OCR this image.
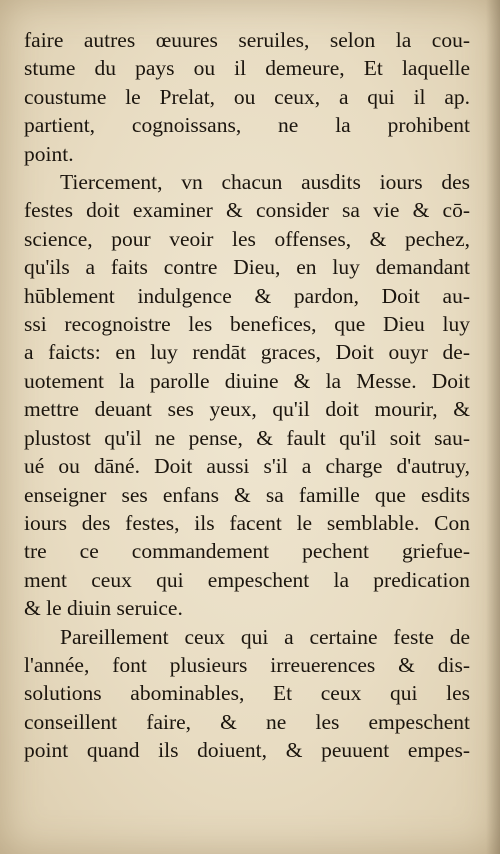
faire autres œuures seruiles, selon la cou-
stume du pays ou il demeure, Et laquelle
coustume le Prelat, ou ceux, a qui il ap.
partient, cognoissans, ne la prohibent
point.
Tiercement, vn chacun ausdits iours des
festes doit examiner & consider sa vie & cō-
science, pour veoir les offenses, & pechez,
qu'ils a faits contre Dieu, en luy demandant
hūblement indulgence & pardon, Doit au-
ssi recognoistre les benefices, que Dieu luy
a faicts: en luy rendāt graces, Doit ouyr de-
uotement la parolle diuine & la Messe. Doit
mettre deuant ses yeux, qu'il doit mourir, &
plustost qu'il ne pense, & fault qu'il soit sau-
ué ou dāné. Doit aussi s'il a charge d'autruy,
enseigner ses enfans & sa famille que esdits
iours des festes, ils facent le semblable. Con
tre ce commandement pechent griefue-
ment ceux qui empeschent la predication
& le diuin seruice.
Pareillement ceux qui a certaine feste de
l'année, font plusieurs irreuerences & dis-
solutions abominables, Et ceux qui les
conseillent faire, & ne les empeschent
point quand ils doiuent, & peuuent empes-
